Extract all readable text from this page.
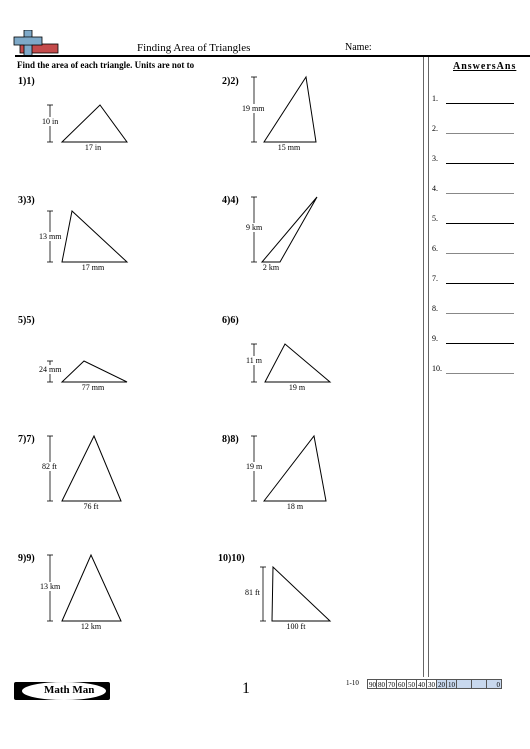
Finding Area of Triangles	Name:
Find the area of each triangle. Units are not to	AnswersAns
1.
2.
3.
4.
5.
6.
7.
8.
9.
10.
10 in
17 in
19 mm
15 mm
13 mm
17 mm
9 km
2 km
24 mm
77 mm
11 m
19 m
82 ft
76 ft
19 m
18 m
13 km
12 km
81 ft
100 ft
1)1)	2)2)
3)3)	4)4)
5)5)	6)6)
7)7)	8)8)
9)9)	10)10)
Math Man	1	1-10 90 80 70 60 50 40 30 20 10	0
